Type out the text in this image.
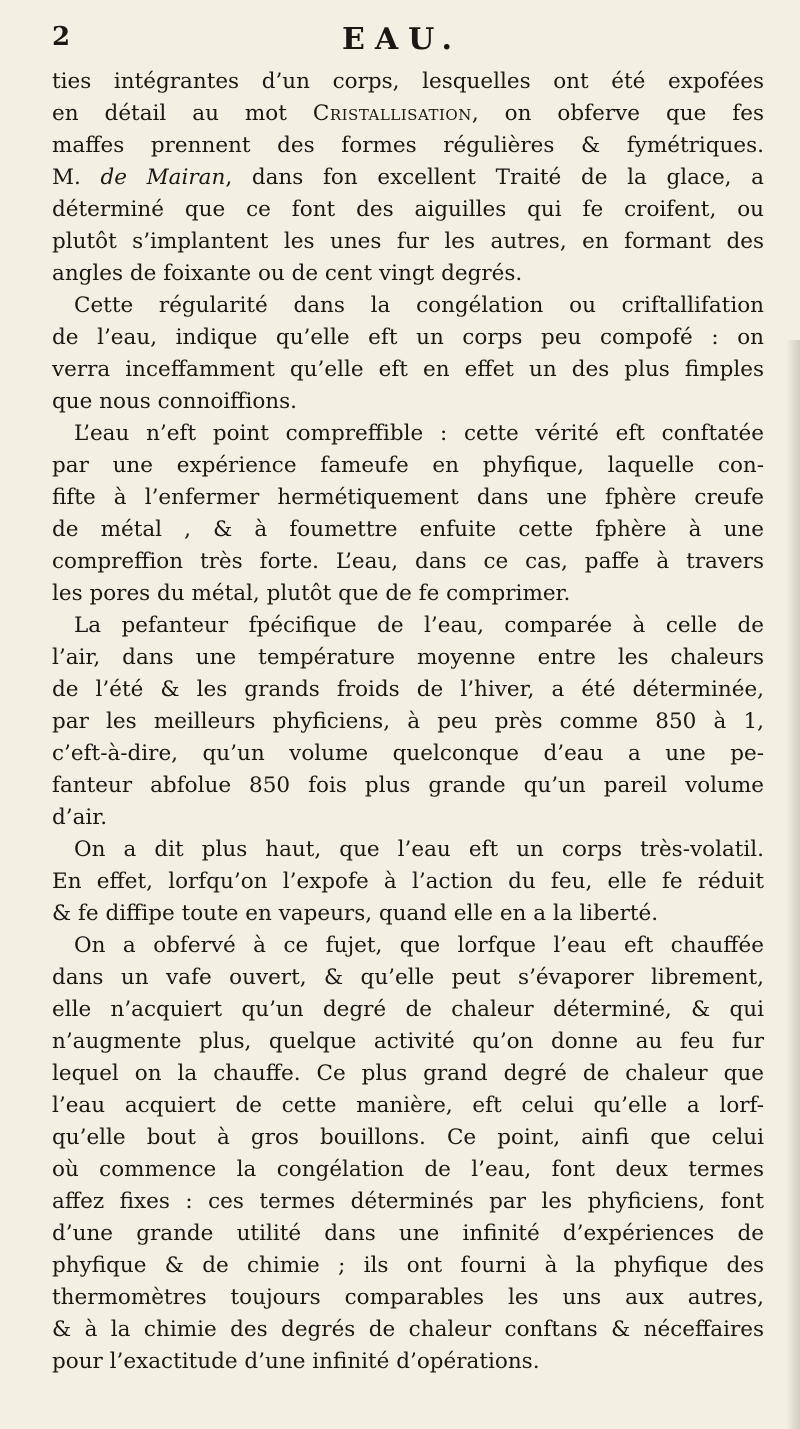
2	EAU.
ties intégrantes d’un corps, lesquelles ont été expofées
en détail au mot Cristallisation, on obferve que fes
maffes prennent des formes régulières & fymétriques.
M. de Mairan, dans fon excellent Traité de la glace, a
déterminé que ce font des aiguilles qui fe croifent, ou
plutôt s’implantent les unes fur les autres, en formant des
angles de foixante ou de cent vingt degrés.
Cette régularité dans la congélation ou criftallifation
de l’eau, indique qu’elle eft un corps peu compofé : on
verra inceffamment qu’elle eft en effet un des plus fimples
que nous connoiffions.
L’eau n’eft point compreffible : cette vérité eft conftatée
par une expérience fameufe en phyfique, laquelle con-
fifte à l’enfermer hermétiquement dans une fphère creufe
de métal , & à foumettre enfuite cette fphère à une
compreffion très forte. L’eau, dans ce cas, paffe à travers
les pores du métal, plutôt que de fe comprimer.
La pefanteur fpécifique de l’eau, comparée à celle de
l’air, dans une température moyenne entre les chaleurs
de l’été & les grands froids de l’hiver, a été déterminée,
par les meilleurs phyficiens, à peu près comme 850 à 1,
c’eft-à-dire, qu’un volume quelconque d’eau a une pe-
fanteur abfolue 850 fois plus grande qu’un pareil volume
d’air.
On a dit plus haut, que l’eau eft un corps très-volatil.
En effet, lorfqu’on l’expofe à l’action du feu, elle fe réduit
& fe diffipe toute en vapeurs, quand elle en a la liberté.
On a obfervé à ce fujet, que lorfque l’eau eft chauffée
dans un vafe ouvert, & qu’elle peut s’évaporer librement,
elle n’acquiert qu’un degré de chaleur déterminé, & qui
n’augmente plus, quelque activité qu’on donne au feu fur
lequel on la chauffe. Ce plus grand degré de chaleur que
l’eau acquiert de cette manière, eft celui qu’elle a lorf-
qu’elle bout à gros bouillons. Ce point, ainfi que celui
où commence la congélation de l’eau, font deux termes
affez fixes : ces termes déterminés par les phyficiens, font
d’une grande utilité dans une infinité d’expériences de
phyfique & de chimie ; ils ont fourni à la phyfique des
thermomètres toujours comparables les uns aux autres,
& à la chimie des degrés de chaleur conftans & néceffaires
pour l’exactitude d’une infinité d’opérations.
